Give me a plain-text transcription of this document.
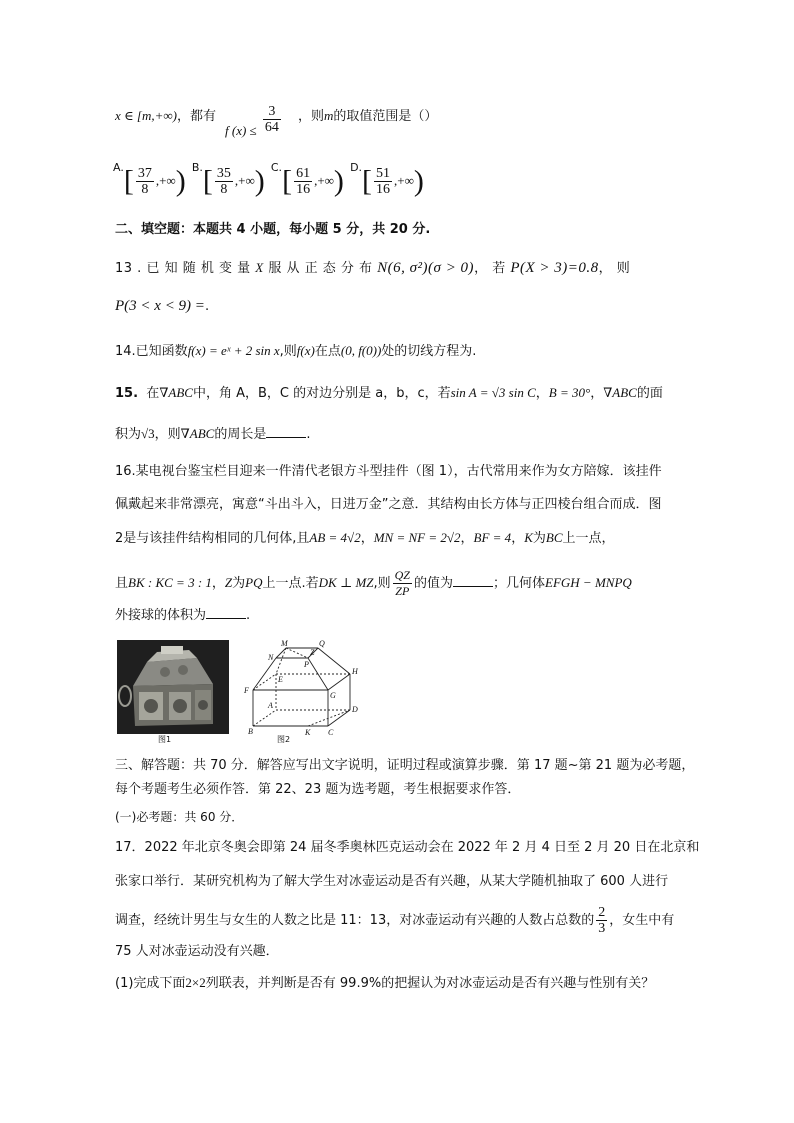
x ∈ [m,+∞)，都有
f $(x) \le \frac{3}{64}$ ，则m的取值范围是（）
$^{A.}[ \frac{37}{8}$ ,+∞) $^{B.}[ \frac{35}{8}$ ,+∞) $^{C.}[ \frac{61}{16}$ ,+∞) $^{D.}[ \frac{51}{16}$ ,+∞)
二、填空题：本题共 4 小题，每小题 5 分，共 20 分.
13 . 已 知 随 机 变 量 X 服 从 正 态 分 布 N(6, σ²)(σ > 0)， 若 P(X > 3)=0.8， 则
P(3 < x < 9) =.
14.已知函数f(x) = eˣ + 2 sin x,则f(x)在点(0, f(0))处的切线方程为.
15. 在∇ABC中，角 A，B，C 的对边分别是 a，b，c，若sin A = √3 sin C，B = 30°，∇ABC的面
积为√3，则∇ABC的周长是	.
16.某电视台鉴宝栏目迎来一件清代老银方斗型挂件（图 1），古代常用来作为女方陪嫁．该挂件
佩戴起来非常漂亮，寓意“斗出斗入，日进万金”之意．其结构由长方体与正四棱台组合而成．图
2是与该挂件结构相同的几何体,且AB = 4√2，MN = NF = 2√2，BF = 4，K为BC上一点，
且BK : KC = 3 : 1，Z为PQ上一点.若DK ⊥ MZ,则 $\frac{QZ}{ZP}$ 的值为	；几何体EFGH − MNPQ
外接球的体积为	.
图1
M	Q
N
Z
P
E
H
F
G
A	D
B	K C
图2
三、解答题：共 70 分．解答应写出文字说明，证明过程或演算步骤．第 17 题~第 21 题为必考题，
每个考题考生必须作答．第 22、23 题为选考题，考生根据要求作答．
(一)必考题：共 60 分．
17．2022 年北京冬奥会即第 24 届冬季奥林匹克运动会在 2022 年 2 月 4 日至 2 月 20 日在北京和
张家口举行．某研究机构为了解大学生对冰壶运动是否有兴趣，从某大学随机抽取了 600 人进行
调查，经统计男生与女生的人数之比是 11：13，对冰壶运动有兴趣的人数占总数的 $\frac{2}{3}$ ，女生中有
75 人对冰壶运动没有兴趣．
(1)完成下面2×2列联表，并判断是否有 99.9%的把握认为对冰壶运动是否有兴趣与性别有关？
